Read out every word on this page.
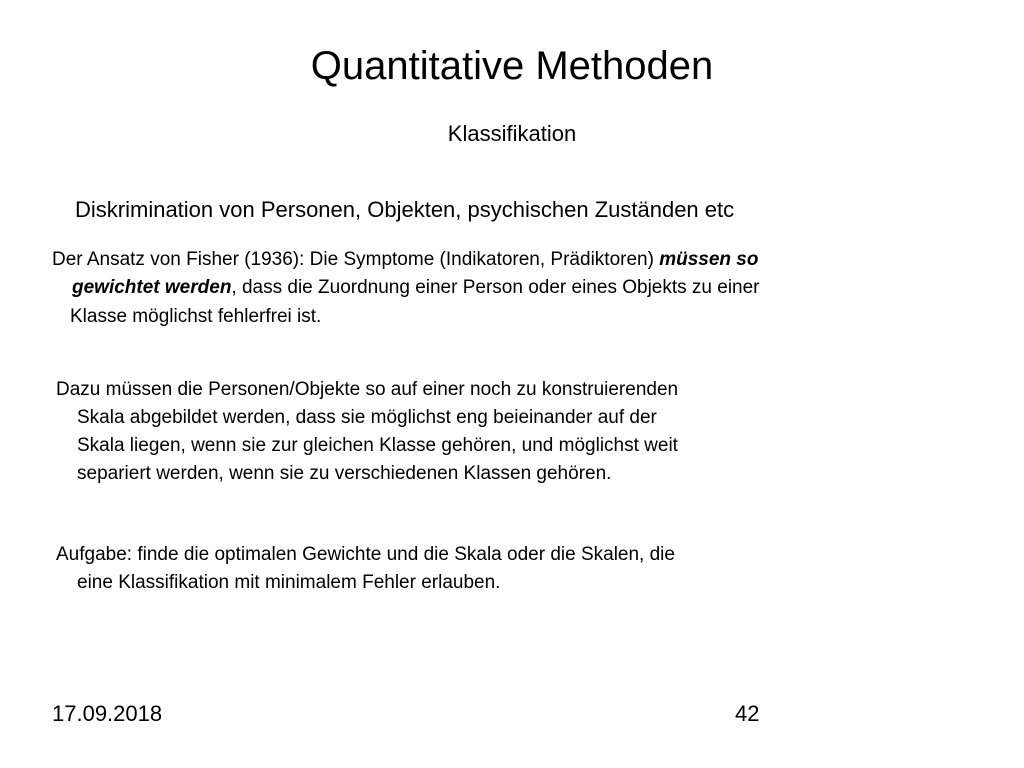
Quantitative Methoden
Klassifikation
Diskrimination von Personen, Objekten, psychischen Zuständen etc
Der Ansatz von Fisher (1936): Die Symptome (Indikatoren, Prädiktoren) müssen so
gewichtet werden, dass die Zuordnung einer Person oder eines Objekts zu einer
Klasse möglichst fehlerfrei ist.
Dazu müssen die Personen/Objekte so auf einer noch zu konstruierenden
Skala abgebildet werden, dass sie möglichst eng beieinander auf der
Skala liegen, wenn sie zur gleichen Klasse gehören, und möglichst weit
separiert werden, wenn sie zu verschiedenen Klassen gehören.
Aufgabe: finde die optimalen Gewichte und die Skala oder die Skalen, die
eine Klassifikation mit minimalem Fehler erlauben.
17.09.2018	42
